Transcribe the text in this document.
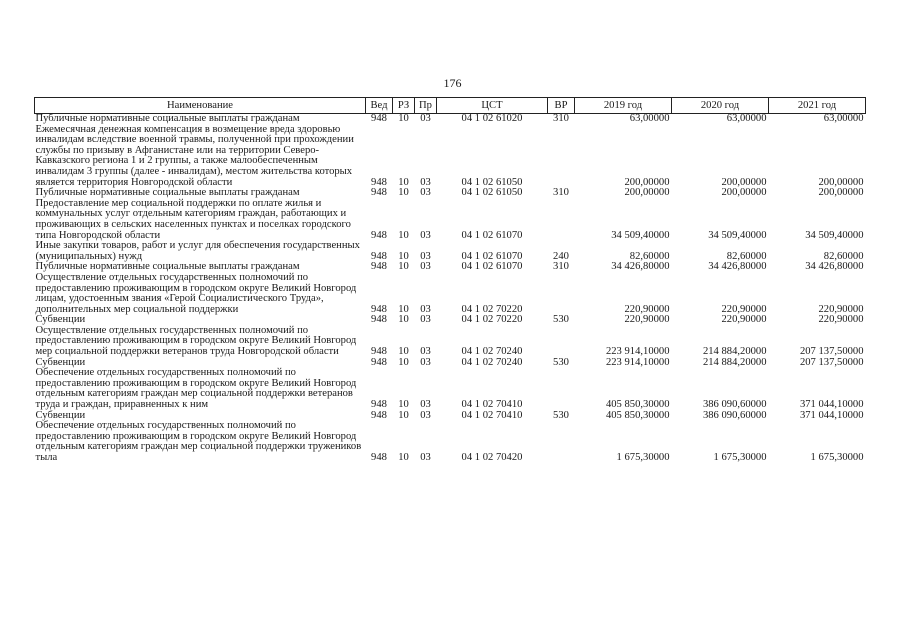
176
Наименование	Вед	РЗ	Пр	ЦСТ	ВР	2019 год	2020 год	2021 год
Публичные нормативные социальные выплаты гражданам	948	10	03	04 1 02 61020	310	63,00000	63,00000	63,00000
Ежемесячная денежная компенсация в возмещение вреда здоровью инвалидам вследствие военной травмы, полученной при прохождении службы по призыву в Афганистане или на территории Северо-Кавказского региона 1 и 2 группы, а также малообеспеченным инвалидам 3 группы (далее - инвалидам), местом жительства которых является территория Новгородской области	948	10	03	04 1 02 61050		200,00000	200,00000	200,00000
Публичные нормативные социальные выплаты гражданам	948	10	03	04 1 02 61050	310	200,00000	200,00000	200,00000
Предоставление мер социальной поддержки по оплате жилья и коммунальных услуг отдельным категориям граждан, работающих и проживающих в сельских населенных пунктах и поселках городского типа Новгородской области	948	10	03	04 1 02 61070		34 509,40000	34 509,40000	34 509,40000
Иные закупки товаров, работ и услуг для обеспечения государственных (муниципальных) нужд	948	10	03	04 1 02 61070	240	82,60000	82,60000	82,60000
Публичные нормативные социальные выплаты гражданам	948	10	03	04 1 02 61070	310	34 426,80000	34 426,80000	34 426,80000
Осуществление отдельных государственных полномочий по предоставлению проживающим в городском округе Великий Новгород лицам, удостоенным звания «Герой Социалистического Труда», дополнительных мер социальной поддержки	948	10	03	04 1 02 70220		220,90000	220,90000	220,90000
Субвенции	948	10	03	04 1 02 70220	530	220,90000	220,90000	220,90000
Осуществление отдельных государственных полномочий по предоставлению проживающим в городском округе Великий Новгород мер социальной поддержки ветеранов труда Новгородской области	948	10	03	04 1 02 70240		223 914,10000	214 884,20000	207 137,50000
Субвенции	948	10	03	04 1 02 70240	530	223 914,10000	214 884,20000	207 137,50000
Обеспечение отдельных государственных полномочий по предоставлению проживающим в городском округе Великий Новгород отдельным категориям граждан мер социальной поддержки ветеранов труда и граждан, приравненных к ним	948	10	03	04 1 02 70410		405 850,30000	386 090,60000	371 044,10000
Субвенции	948	10	03	04 1 02 70410	530	405 850,30000	386 090,60000	371 044,10000
Обеспечение отдельных государственных полномочий по предоставлению проживающим в городском округе Великий Новгород отдельным категориям граждан мер социальной поддержки тружеников тыла	948	10	03	04 1 02 70420		1 675,30000	1 675,30000	1 675,30000
